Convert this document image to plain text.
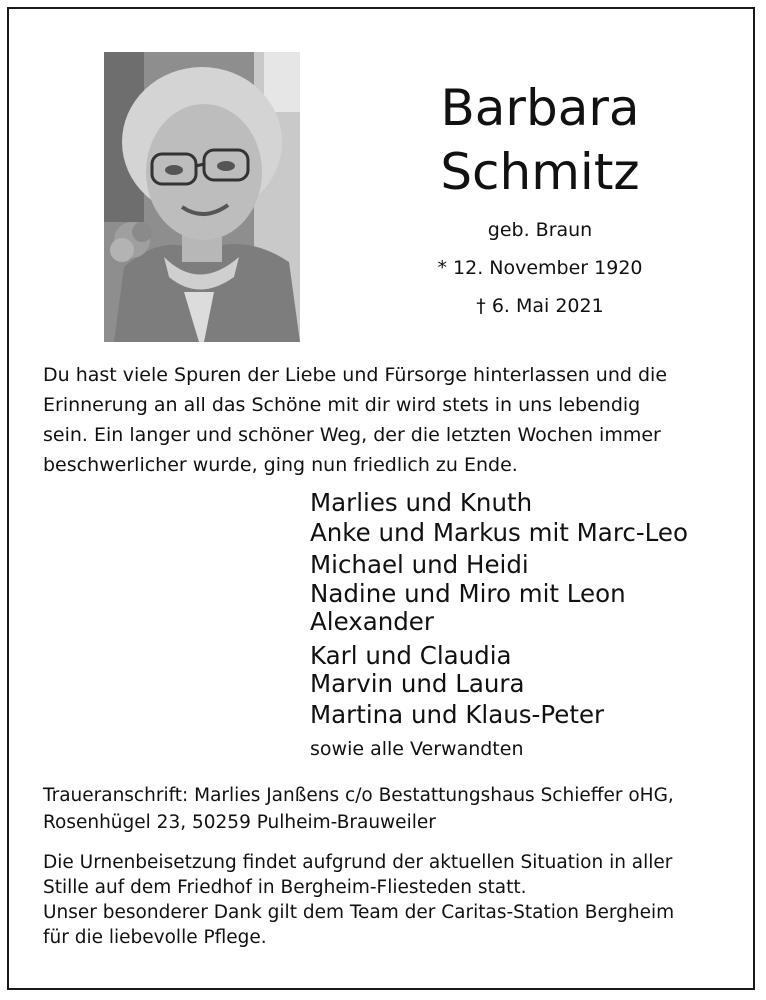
Barbara
Schmitz
geb. Braun
* 12. November 1920
† 6. Mai 2021
Du hast viele Spuren der Liebe und Fürsorge hinterlassen und die
Erinnerung an all das Schöne mit dir wird stets in uns lebendig
sein. Ein langer und schöner Weg, der die letzten Wochen immer
beschwerlicher wurde, ging nun friedlich zu Ende.
Marlies und Knuth
Anke und Markus mit Marc-Leo
Michael und Heidi
Nadine und Miro mit Leon
Alexander
Karl und Claudia
Marvin und Laura
Martina und Klaus-Peter
sowie alle Verwandten
Traueranschrift: Marlies Janßens c/o Bestattungshaus Schieffer oHG,
Rosenhügel 23, 50259 Pulheim-Brauweiler
Die Urnenbeisetzung findet aufgrund der aktuellen Situation in aller
Stille auf dem Friedhof in Bergheim-Fliesteden statt.
Unser besonderer Dank gilt dem Team der Caritas-Station Bergheim
für die liebevolle Pflege.
